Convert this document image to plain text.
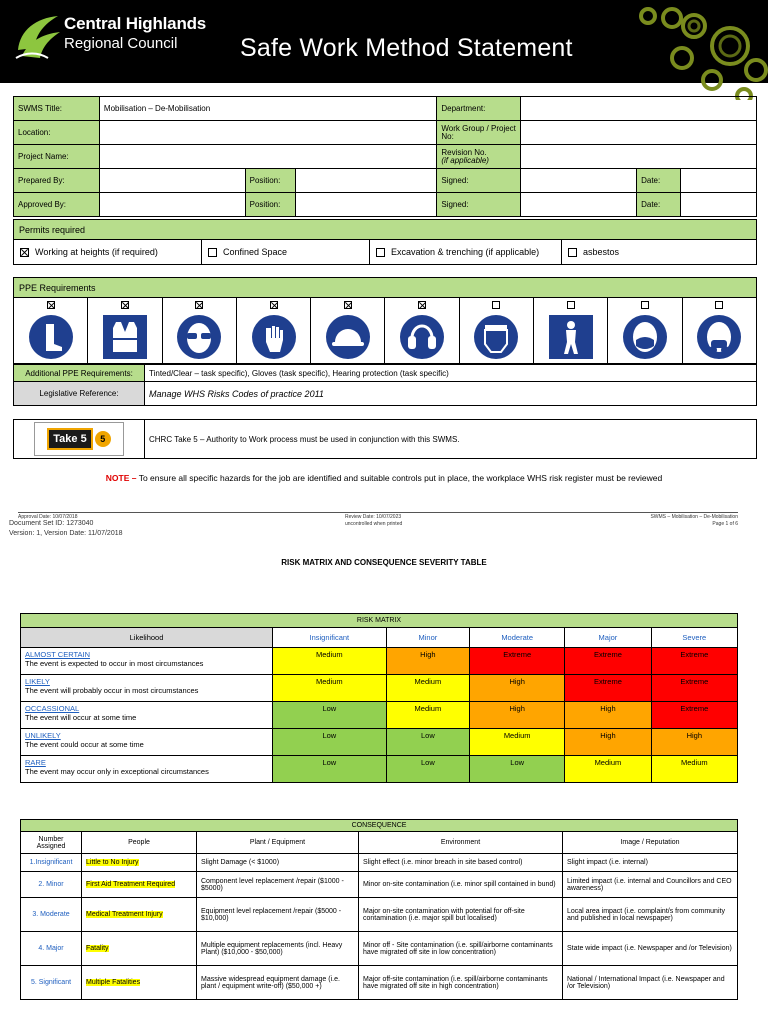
Central Highlands
Regional Council	Safe Work Method Statement
SWMS Title:	Mobilisation – De-Mobilisation			Department:			
Location:				Work Group / Project No:			
Project Name:				Revision No.
(if applicable)			
Prepared By:		Position:		Signed:		Date:	
Approved By:		Position:		Signed:		Date:	
Permits required
Working at heights (if required)	Confined Space	Excavation & trenching (if applicable)	asbestos
PPE Requirements
Additional PPE Requirements:	Tinted/Clear – task specific), Gloves (task specific), Hearing protection (task specific)
Legislative Reference:	Manage WHS Risks Codes of practice 2011
Take 5	5	CHRC Take 5 – Authority to Work process must be used in conjunction with this SWMS.
NOTE – To ensure all specific hazards for the job are identified and suitable controls put in place, the workplace WHS risk register must be reviewed
Approval Date: 10/07/2018	Review Date: 10/07/2023
uncontrolled when printed
SWMS – Mobilisation – De-Mobilisation
Page 1 of 6
Document Set ID: 1273040
Version: 1, Version Date: 11/07/2018
RISK MATRIX AND CONSEQUENCE SEVERITY TABLE
RISK MATRIX					
Likelihood	Insignificant	Minor	Moderate	Major	Severe

ALMOST CERTAIN
The event is expected to occur in most circumstances	Medium	High	Extreme	Extreme	Extreme

LIKELY
The event will probably occur in most circumstances	Medium	Medium	High	Extreme	Extreme

OCCASSIONAL
The event will occur at some time	Low	Medium	High	High	Extreme

UNLIKELY
The event could occur at some time	Low	Low	Medium	High	High

RARE
The event may occur only in exceptional circumstances	Low	Low	Low	Medium	Medium
CONSEQUENCE				
Number Assigned	People	Plant / Equipment	Environment	Image / Reputation
1.Insignificant	Little to No Injury	Slight Damage (< $1000)	Slight effect (i.e. minor breach in site based control)	Slight impact (i.e. internal)
2. Minor	First Aid Treatment Required	Component level replacement /repair ($1000 - $5000)	Minor on-site contamination (i.e. minor spill contained in bund)	Limited impact (i.e. internal and Councillors and CEO awareness)
3. Moderate	Medical Treatment Injury	Equipment level replacement /repair ($5000 - $10,000)	Major on-site contamination with potential for off-site contamination (i.e. major spill but localised)	Local area impact (i.e. complaint/s from community and published in local newspaper)
4. Major	Fatality	Multiple equipment replacements (incl. Heavy Plant) ($10,000 - $50,000)	Minor off - Site contamination (i.e. spill/airborne contaminants have migrated off site in low concentration)	State wide impact (i.e. Newspaper and /or Television)
5. Significant	Multiple Fatalities	Massive widespread equipment damage (i.e. plant / equipment write-off) ($50,000 +)	Major off-site contamination (i.e. spill/airborne contaminants have migrated off site in high concentration)	National / International Impact (i.e. Newspaper and /or Television)
